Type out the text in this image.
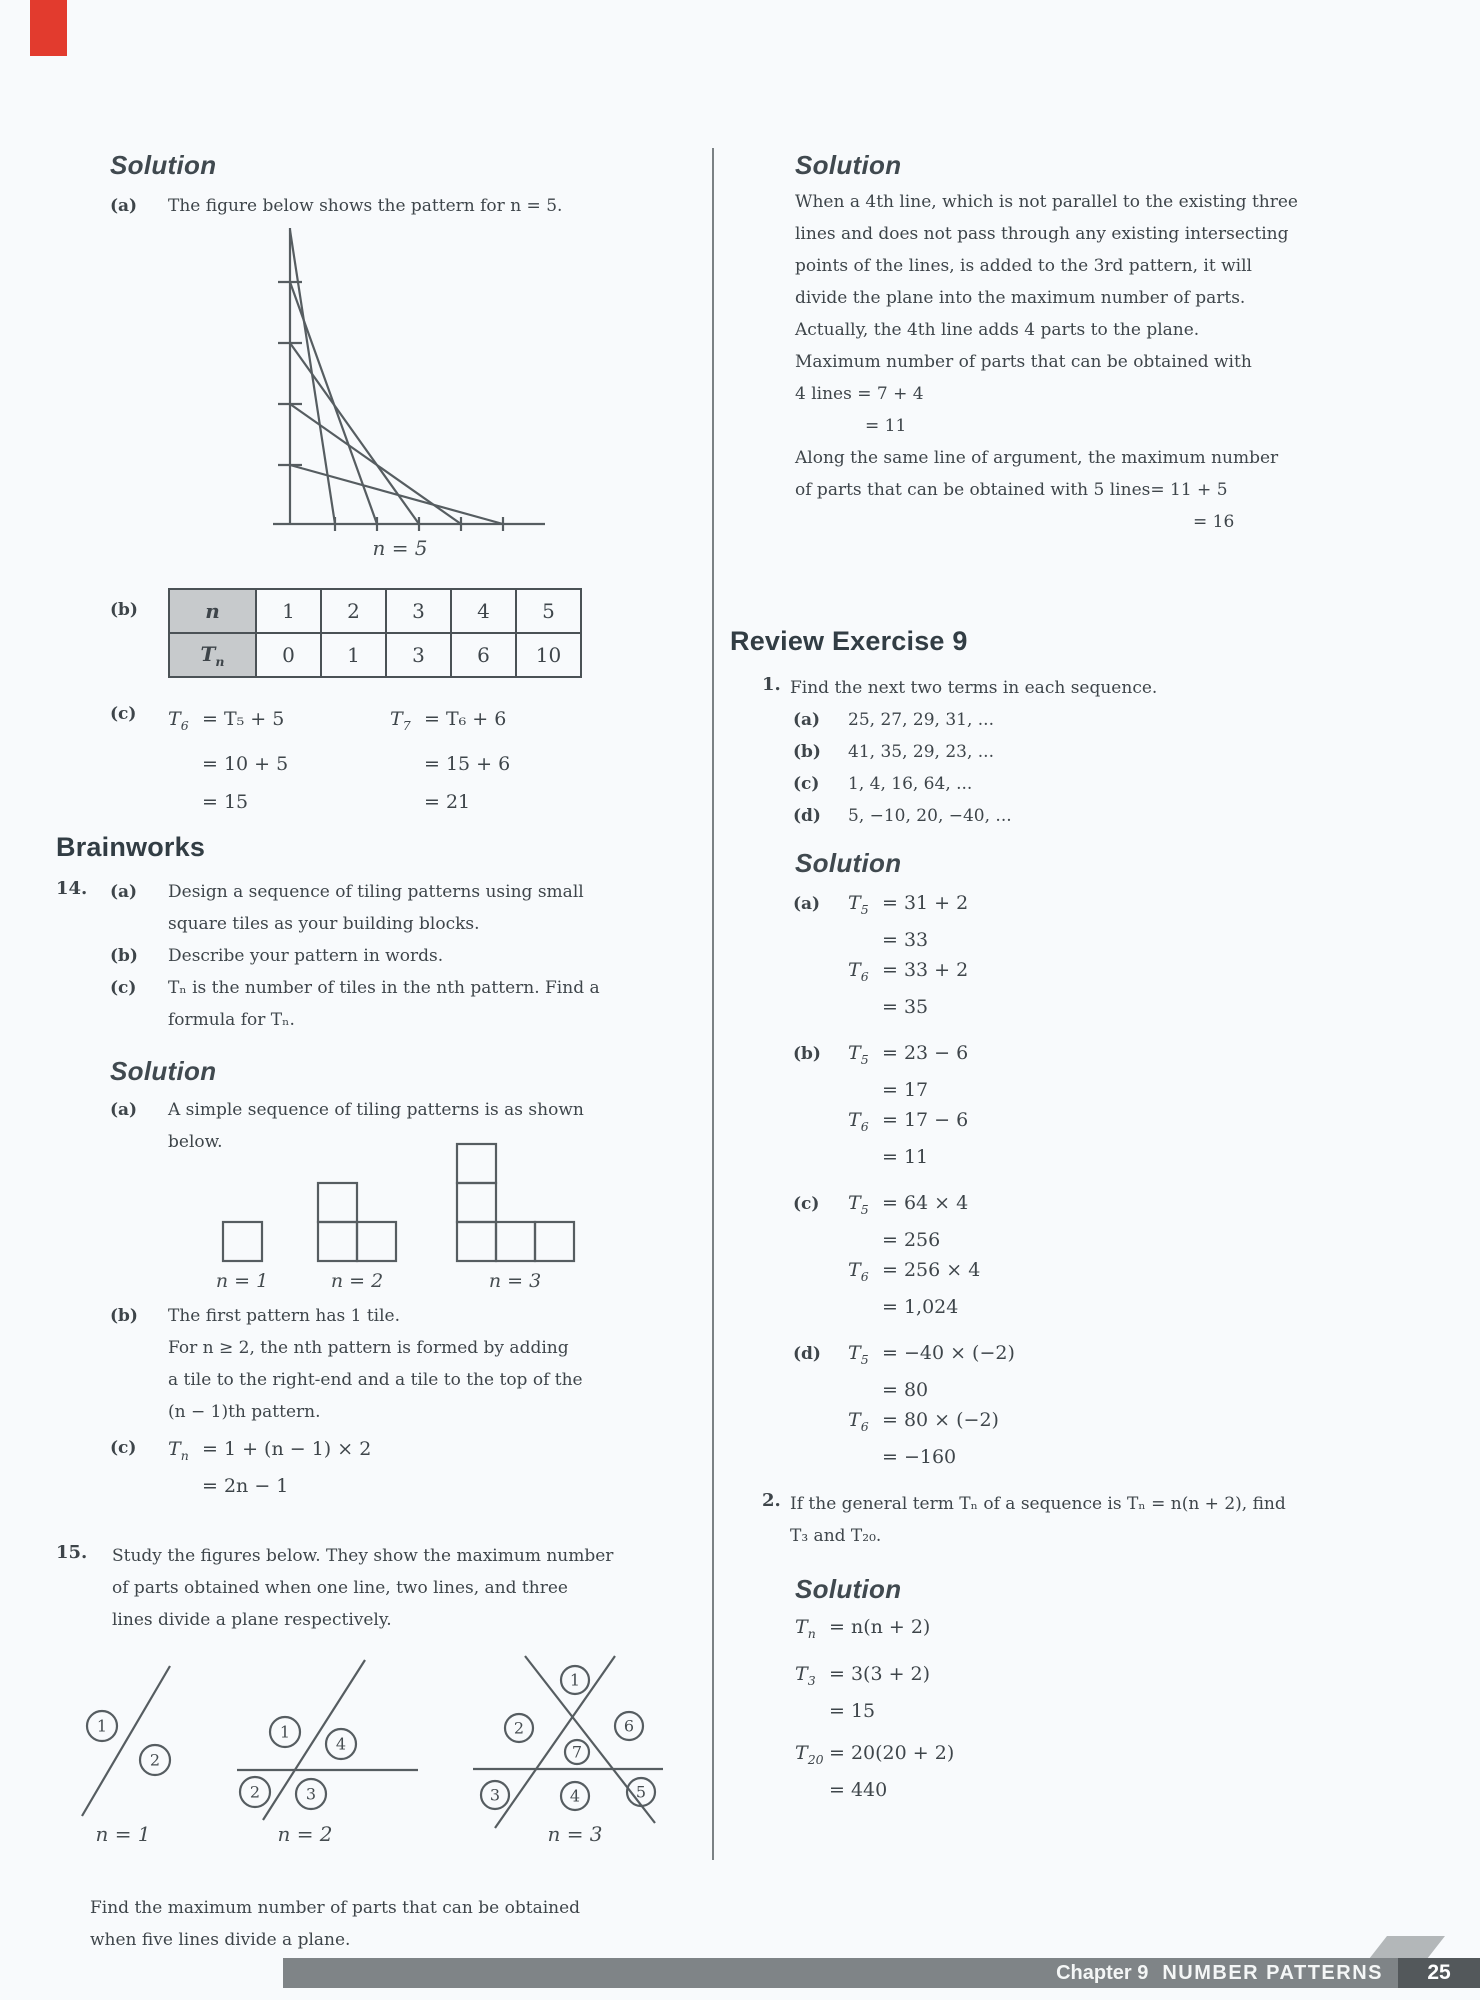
Solution
(a) The figure below shows the pattern for n = 5.
n = 5
(b)	n	1	2	3	4	5
$T_n$	0	1	3	6	10
(c) $T_6 = T_5 + 5$
= 10 + 5
= 15
$T_7 = T_6 + 6$
= 15 + 6
= 21
Brainworks
14. (a) Design a sequence of tiling patterns using small
square tiles as your building blocks.
(b) Describe your pattern in words.
(c) Tₙ is the number of tiles in the nth pattern. Find a
formula for Tₙ.
Solution
(a) A simple sequence of tiling patterns is as shown
below.
n = 1	n = 2	n = 3
(b) The first pattern has 1 tile.
For n ≥ 2, the nth pattern is formed by adding
a tile to the right-end and a tile to the top of the
(n − 1)th pattern.
(c) $T_n = 1 + (n - 1) \times 2$
= 2n − 1
15. Study the figures below. They show the maximum number
of parts obtained when one line, two lines, and three
lines divide a plane respectively.
1
2
n = 1
1
4
2	3
n = 2
1
2	6
7
3	4	5
n = 3
Find the maximum number of parts that can be obtained
when five lines divide a plane.
Solution
When a 4th line, which is not parallel to the existing three
lines and does not pass through any existing intersecting
points of the lines, is added to the 3rd pattern, it will
divide the plane into the maximum number of parts.
Actually, the 4th line adds 4 parts to the plane.
Maximum number of parts that can be obtained with
4 lines = 7 + 4
= 11
Along the same line of argument, the maximum number
of parts that can be obtained with 5 lines= 11 + 5
= 16
Review Exercise 9
1. Find the next two terms in each sequence.
(a) 25, 27, 29, 31, ...
(b) 41, 35, 29, 23, ...
(c) 1, 4, 16, 64, ...
(d) 5, −10, 20, −40, ...
Solution
(a) $T_5 = 31 + 2$
= 33
$T_6 = 33 + 2$
= 35
(b) $T_5 = 23 - 6$
= 17
$T_6 = 17 - 6$
= 11
(c) $T_5 = 64 \times 4$
= 256
$T_6 = 256 \times 4$
= 1,024
(d) $T_5 = -40 \times (-2)$
= 80
$T_6 = 80 \times (-2)$
= −160
2. If the general term Tₙ of a sequence is Tₙ = n(n + 2), find
T₃ and T₂₀.
Solution
$T_n = n(n + 2)$
$T_3 = 3(3 + 2)$
= 15
$T_{20} = 20(20 + 2)$
= 440
Chapter 9 NUMBER PATTERNS	25
